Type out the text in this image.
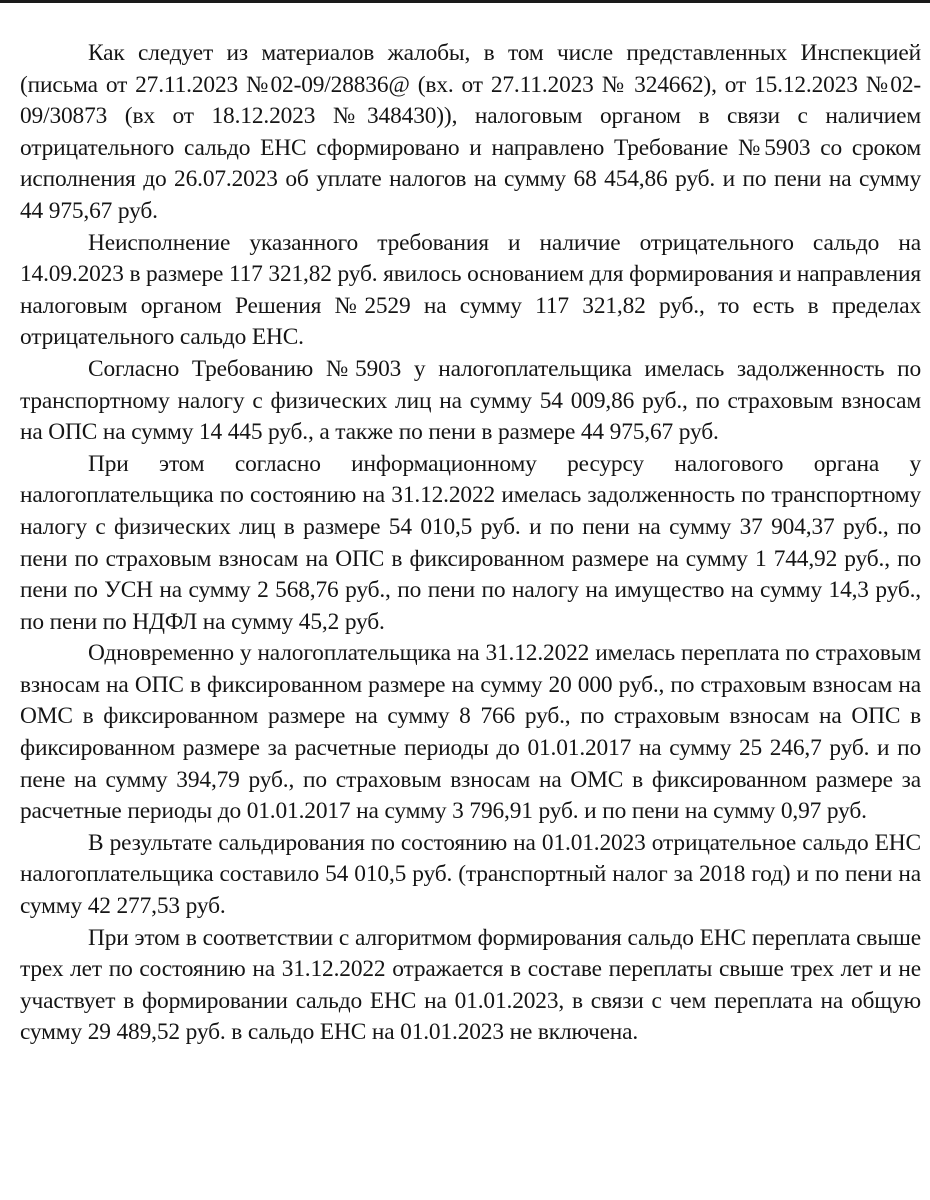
Как следует из материалов жалобы, в том числе представленных Инспекцией (письма от 27.11.2023 №02-09/28836@ (вх. от 27.11.2023 № 324662), от 15.12.2023 №02-09/30873 (вх от 18.12.2023 №348430)), налоговым органом в связи с наличием отрицательного сальдо ЕНС сформировано и направлено Требование №5903 со сроком исполнения до 26.07.2023 об уплате налогов на сумму 68 454,86 руб. и по пени на сумму 44 975,67 руб.

Неисполнение указанного требования и наличие отрицательного сальдо на 14.09.2023 в размере 117 321,82 руб. явилось основанием для формирования и направления налоговым органом Решения №2529 на сумму 117 321,82 руб., то есть в пределах отрицательного сальдо ЕНС.

Согласно Требованию №5903 у налогоплательщика имелась задолженность по транспортному налогу с физических лиц на сумму 54 009,86 руб., по страховым взносам на ОПС на сумму 14 445 руб., а также по пени в размере 44 975,67 руб.

При этом согласно информационному ресурсу налогового органа у налогоплательщика по состоянию на 31.12.2022 имелась задолженность по транспортному налогу с физических лиц в размере 54 010,5 руб. и по пени на сумму 37 904,37 руб., по пени по страховым взносам на ОПС в фиксированном размере на сумму 1 744,92 руб., по пени по УСН на сумму 2 568,76 руб., по пени по налогу на имущество на сумму 14,3 руб., по пени по НДФЛ на сумму 45,2 руб.

Одновременно у налогоплательщика на 31.12.2022 имелась переплата по страховым взносам на ОПС в фиксированном размере на сумму 20 000 руб., по страховым взносам на ОМС в фиксированном размере на сумму 8 766 руб., по страховым взносам на ОПС в фиксированном размере за расчетные периоды до 01.01.2017 на сумму 25 246,7 руб. и по пене на сумму 394,79 руб., по страховым взносам на ОМС в фиксированном размере за расчетные периоды до 01.01.2017 на сумму 3 796,91 руб. и по пени на сумму 0,97 руб.

В результате сальдирования по состоянию на 01.01.2023 отрицательное сальдо ЕНС налогоплательщика составило 54 010,5 руб. (транспортный налог за 2018 год) и по пени на сумму 42 277,53 руб.

При этом в соответствии с алгоритмом формирования сальдо ЕНС переплата свыше трех лет по состоянию на 31.12.2022 отражается в составе переплаты свыше трех лет и не участвует в формировании сальдо ЕНС на 01.01.2023, в связи с чем переплата на общую сумму 29 489,52 руб. в сальдо ЕНС на 01.01.2023 не включена.
